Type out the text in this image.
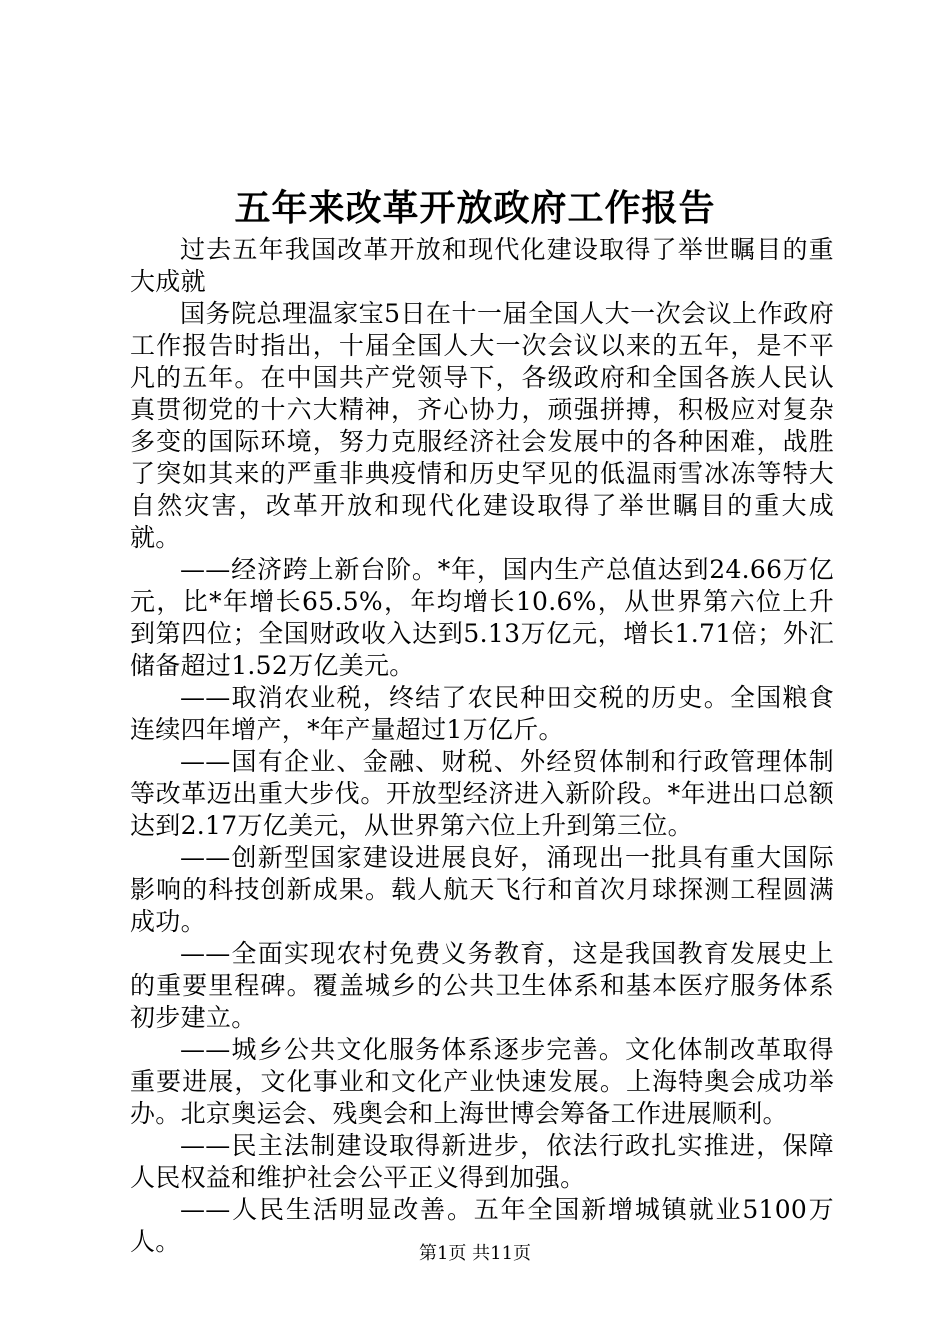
五年来改革开放政府工作报告

过去五年我国改革开放和现代化建设取得了举世瞩目的重大成就

国务院总理温家宝5日在十一届全国人大一次会议上作政府工作报告时指出，十届全国人大一次会议以来的五年，是不平凡的五年。在中国共产党领导下，各级政府和全国各族人民认真贯彻党的十六大精神，齐心协力，顽强拼搏，积极应对复杂多变的国际环境，努力克服经济社会发展中的各种困难，战胜了突如其来的严重非典疫情和历史罕见的低温雨雪冰冻等特大自然灾害，改革开放和现代化建设取得了举世瞩目的重大成就。

——经济跨上新台阶。*年，国内生产总值达到24.66万亿元，比*年增长65.5%，年均增长10.6%，从世界第六位上升到第四位；全国财政收入达到5.13万亿元，增长1.71倍；外汇储备超过1.52万亿美元。

——取消农业税，终结了农民种田交税的历史。全国粮食连续四年增产，*年产量超过1万亿斤。

——国有企业、金融、财税、外经贸体制和行政管理体制等改革迈出重大步伐。开放型经济进入新阶段。*年进出口总额达到2.17万亿美元，从世界第六位上升到第三位。

——创新型国家建设进展良好，涌现出一批具有重大国际影响的科技创新成果。载人航天飞行和首次月球探测工程圆满成功。

——全面实现农村免费义务教育，这是我国教育发展史上的重要里程碑。覆盖城乡的公共卫生体系和基本医疗服务体系初步建立。

——城乡公共文化服务体系逐步完善。文化体制改革取得重要进展，文化事业和文化产业快速发展。上海特奥会成功举办。北京奥运会、残奥会和上海世博会筹备工作进展顺利。

——民主法制建设取得新进步，依法行政扎实推进，保障人民权益和维护社会公平正义得到加强。

——人民生活明显改善。五年全国新增城镇就业5100万人。	第1页 共11页
